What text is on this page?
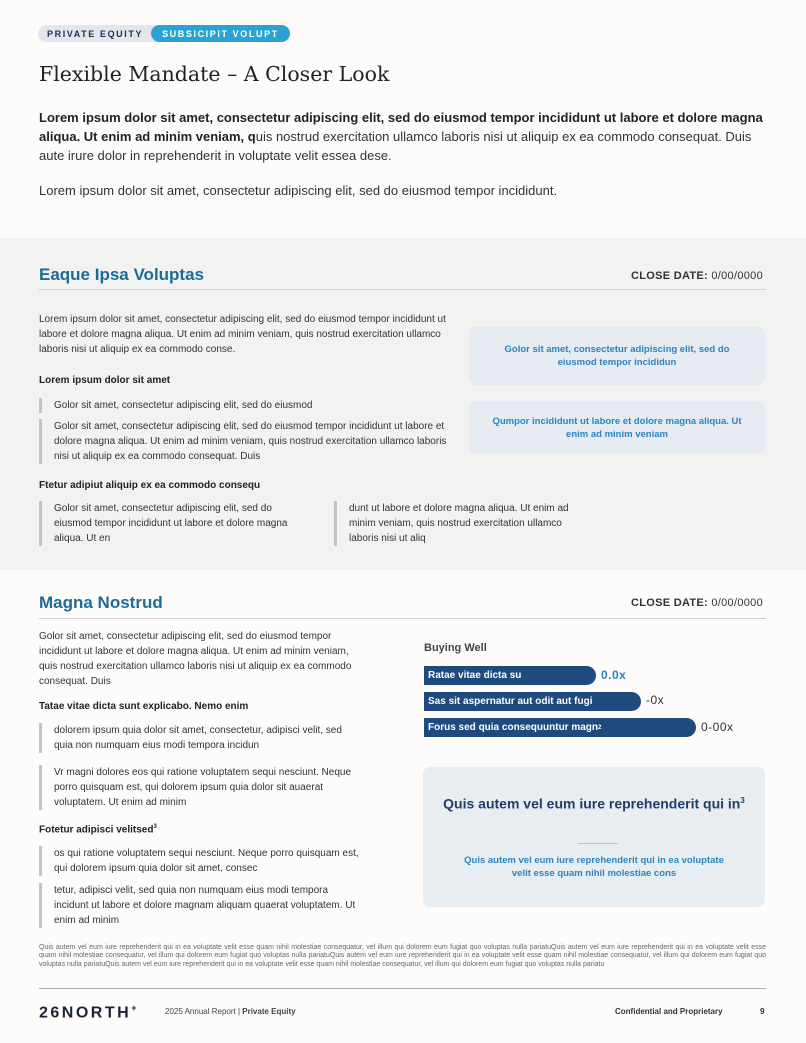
PRIVATE EQUITY	SUBSICIPIT VOLUPT
Flexible Mandate – A Closer Look

Lorem ipsum dolor sit amet, consectetur adipiscing elit, sed do eiusmod tempor incididunt ut labore et dolore magna aliqua. Ut enim ad minim veniam, quis nostrud exercitation ullamco laboris nisi ut aliquip ex ea commodo consequat. Duis aute irure dolor in reprehenderit in voluptate velit essea dese.

Lorem ipsum dolor sit amet, consectetur adipiscing elit, sed do eiusmod tempor incididunt.

Eaque Ipsa Voluptas	CLOSE DATE: 0/00/0000

Lorem ipsum dolor sit amet, consectetur adipiscing elit, sed do eiusmod tempor incididunt ut labore et dolore magna aliqua. Ut enim ad minim veniam, quis nostrud exercitation ullamco laboris nisi ut aliquip ex ea commodo conse.

Lorem ipsum dolor sit amet
Golor sit amet, consectetur adipiscing elit, sed do eiusmod
Golor sit amet, consectetur adipiscing elit, sed do eiusmod tempor incididunt ut labore et dolore magna aliqua. Ut enim ad minim veniam, quis nostrud exercitation ullamco laboris nisi ut aliquip ex ea commodo consequat. Duis
Ftetur adipiut aliquip ex ea commodo consequ
Golor sit amet, consectetur adipiscing elit, sed do eiusmod tempor incididunt ut labore et dolore magna aliqua. Ut en
dunt ut labore et dolore magna aliqua. Ut enim ad minim veniam, quis nostrud exercitation ullamco laboris nisi ut aliq
Golor sit amet, consectetur adipiscing elit, sed do eiusmod tempor incididun
Qumpor incididunt ut labore et dolore magna aliqua. Ut enim ad minim veniam
Magna Nostrud	CLOSE DATE: 0/00/0000

Golor sit amet, consectetur adipiscing elit, sed do eiusmod tempor incididunt ut labore et dolore magna aliqua. Ut enim ad minim veniam, quis nostrud exercitation ullamco laboris nisi ut aliquip ex ea commodo consequat. Duis

Tatae vitae dicta sunt explicabo. Nemo enim
dolorem ipsum quia dolor sit amet, consectetur, adipisci velit, sed quia non numquam eius modi tempora incidun
Vr magni dolores eos qui ratione voluptatem sequi nesciunt. Neque porro quisquam est, qui dolorem ipsum quia dolor sit auaerat voluptatem. Ut enim ad minim
Fotetur adipisci velitsed$^3$
os qui ratione voluptatem sequi nesciunt. Neque porro quisquam est, qui dolorem ipsum quia dolor sit amet, consec
tetur, adipisci velit, sed quia non numquam eius modi tempora incidunt ut labore et dolore magnam aliquam quaerat voluptatem. Ut enim ad minim
Buying Well
Ratae vitae dicta su	0.0x
Sas sit aspernatur aut odit aut fugi	-0x
Forus sed quia consequuntur magn 2	0-00x
Quis autem vel eum iure reprehenderit qui $in^3$
Quis autem vel eum iure reprehenderit qui in ea voluptate velit esse quam nihil molestiae cons

Quis autem vel eum iure reprehenderit qui in ea voluptate velit esse quam nihil molestiae consequatur, vel illum qui dolorem eum fugiat quo voluptas nulla pariatuQuis autem vel eum iure reprehenderit qui in ea voluptate velit esse quam nihil molestiae consequatur, vel illum qui dolorem eum fugiat quo voluptas nulla pariatuQuis autem vel eum iure reprehenderit qui in ea voluptate velit esse quam nihil molestiae consequatur, vel illum qui dolorem eum fugiat quo voluptas nulla pariatuQuis autem vel eum iure reprehenderit qui in ea voluptate velit esse quam nihil molestiae consequatur, vel illum qui dolorem eum fugiat quo voluptas nulla pariatu

26NORTH+	2025 Annual Report | Private Equity	Confidential and Proprietary	9
